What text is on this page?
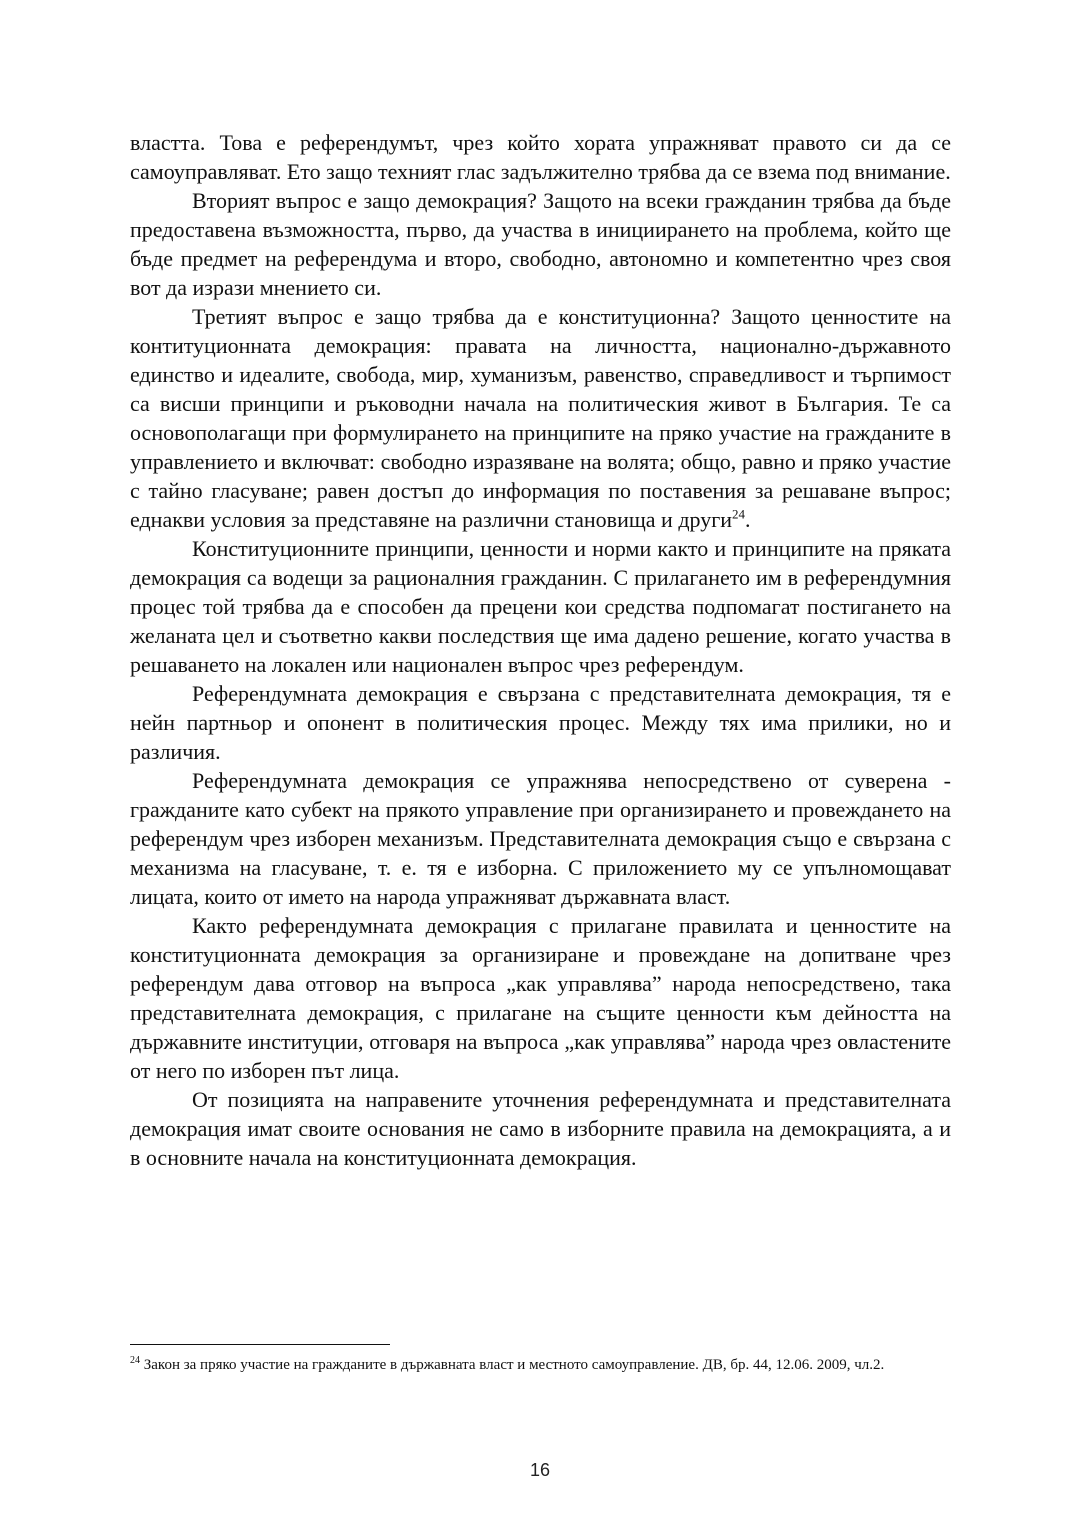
властта. Това е референдумът, чрез който хората упражняват правото си да се самоуправляват. Ето защо техният глас задължително трябва да се взема под внимание.

Вторият въпрос е защо демокрация? Защото на всеки гражданин трябва да бъде предоставена възможността, първо, да участва в инициирането на проблема, който ще бъде предмет на референдума и второ, свободно, автономно и компетентно чрез своя вот да изрази мнението си.

Третият въпрос е защо трябва да е конституционна? Защото ценностите на контитуционната демокрация: правата на личността, национално-държавното единство и идеалите, свобода, мир, хуманизъм, равенство, справедливост и търпимост са висши принципи и ръководни начала на политическия живот в България. Те са основополагащи при формулирането на принципите на пряко участие на гражданите в управлението и включват: свободно изразяване на волята; общо, равно и пряко участие с тайно гласуване; равен достъп до информация по поставения за решаване въпрос; еднакви условия за представяне на различни становища и други$^{24}$.

Конституционните принципи, ценности и норми както и принципите на пряката демокрация са водещи за рационалния гражданин. С прилагането им в референдумния процес той трябва да е способен да прецени кои средства подпомагат постигането на желаната цел и съответно какви последствия ще има дадено решение, когато участва в решаването на локален или национален въпрос чрез референдум.

Референдумната демокрация е свързана с представителната демокрация, тя е нейн партньор и опонент в политическия процес. Между тях има прилики, но и различия.

Референдумната демокрация се упражнява непосредствено от суверена - гражданите като субект на прякото управление при организирането и провеждането на референдум чрез изборен механизъм. Представителната демокрация също е свързана с механизма на гласуване, т. е. тя е изборна. С приложението му се упълномощават лицата, които от името на народа упражняват държавната власт.

Както референдумната демокрация с прилагане правилата и ценностите на конституционната демокрация за организиране и провеждане на допитване чрез референдум дава отговор на въпроса „как управлява” народа непосредствено, така представителната демокрация, с прилагане на същите ценности към дейността на държавните институции, отговаря на въпроса „как управлява” народа чрез овластените от него по изборен път лица.

От позицията на направените уточнения референдумната и представителната демокрация имат своите основания не само в изборните правила на демокрацията, а и в основните начала на конституционната демокрация.

$^{24}$ Закон за пряко участие на гражданите в държавната власт и местното самоуправление. ДВ, бр. 44, 12.06. 2009, чл.2.

16
